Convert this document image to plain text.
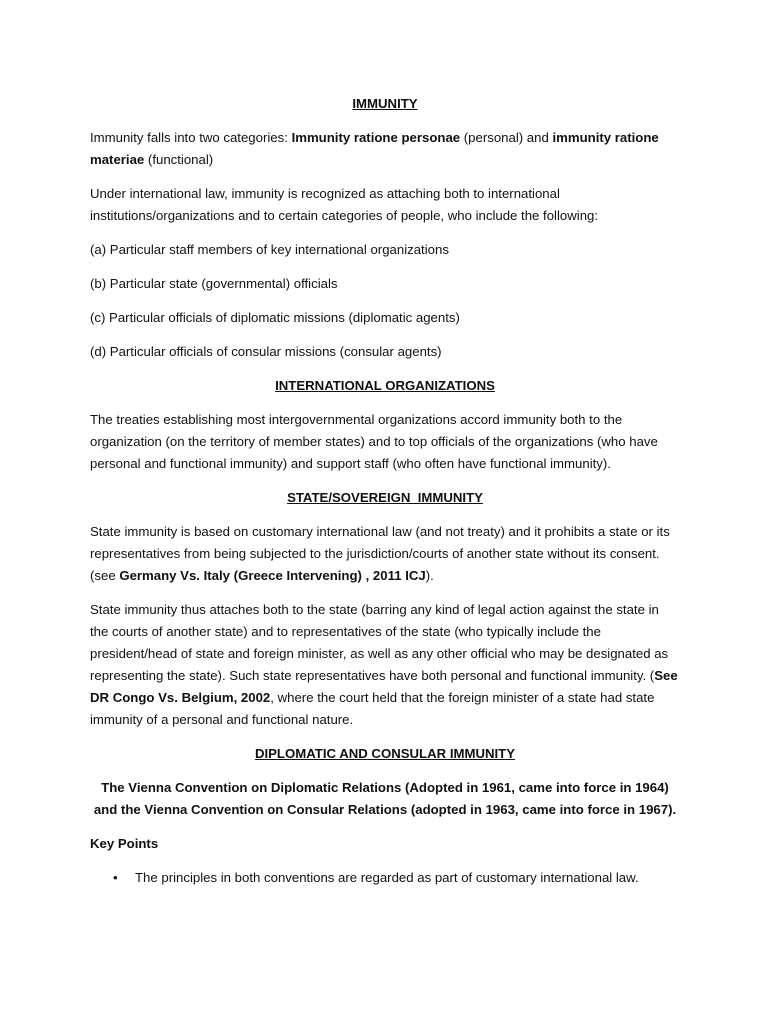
IMMUNITY

Immunity falls into two categories: Immunity ratione personae (personal) and immunity ratione materiae (functional)

Under international law, immunity is recognized as attaching both to international institutions/organizations and to certain categories of people, who include the following:

(a) Particular staff members of key international organizations

(b) Particular state (governmental) officials

(c) Particular officials of diplomatic missions (diplomatic agents)

(d) Particular officials of consular missions (consular agents)

INTERNATIONAL ORGANIZATIONS

The treaties establishing most intergovernmental organizations accord immunity both to the organization (on the territory of member states) and to top officials of the organizations (who have personal and functional immunity) and support staff (who often have functional immunity).

STATE/SOVEREIGN  IMMUNITY

State immunity is based on customary international law (and not treaty) and it prohibits a state or its representatives from being subjected to the jurisdiction/courts of another state without its consent. (see Germany Vs. Italy (Greece Intervening) , 2011 ICJ).

State immunity thus attaches both to the state (barring any kind of legal action against the state in the courts of another state) and to representatives of the state (who typically include the president/head of state and foreign minister, as well as any other official who may be designated as representing the state). Such state representatives have both personal and functional immunity. (See DR Congo Vs. Belgium, 2002, where the court held that the foreign minister of a state had state immunity of a personal and functional nature.

DIPLOMATIC AND CONSULAR IMMUNITY

The Vienna Convention on Diplomatic Relations (Adopted in 1961, came into force in 1964) and the Vienna Convention on Consular Relations (adopted in 1963, came into force in 1967).

Key Points

• The principles in both conventions are regarded as part of customary international law.
